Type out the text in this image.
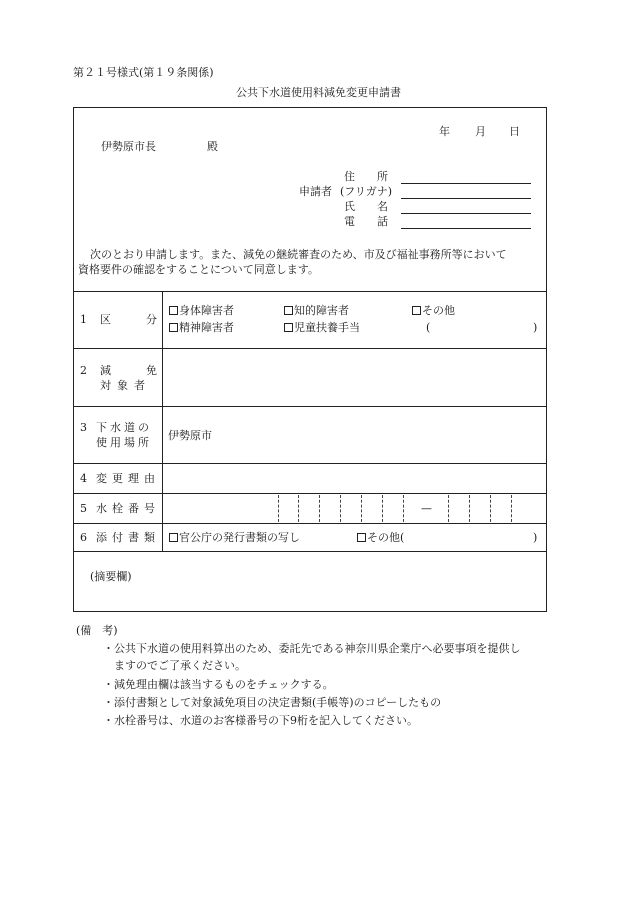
第２１号様式(第１９条関係)
公共下水道使用料減免変更申請書
年 月 日
伊勢原市長	殿
申請者
住　　所
(フリガナ)
氏　　名
電　　話
次のとおり申請します。また、減免の継続審査のため、市及び福祉事務所等において
資格要件の確認をすることについて同意します。
1 区	分
身体障害者	知的障害者	その他
精神障害者	児童扶養手当	(	)
2 減	免
対象者
3 下水道の
使用場所
伊勢原市
4 変更理由
5 水栓番号	—
6 添付書類	官公庁の発行書類の写し	その他(	)
(摘要欄)
(備　考)
・公共下水道の使用料算出のため、委託先である神奈川県企業庁へ必要事項を提供し
ますのでご了承ください。
・減免理由欄は該当するものをチェックする。
・添付書類として対象減免項目の決定書類(手帳等)のコピーしたもの
・水栓番号は、水道のお客様番号の下9桁を記入してください。
